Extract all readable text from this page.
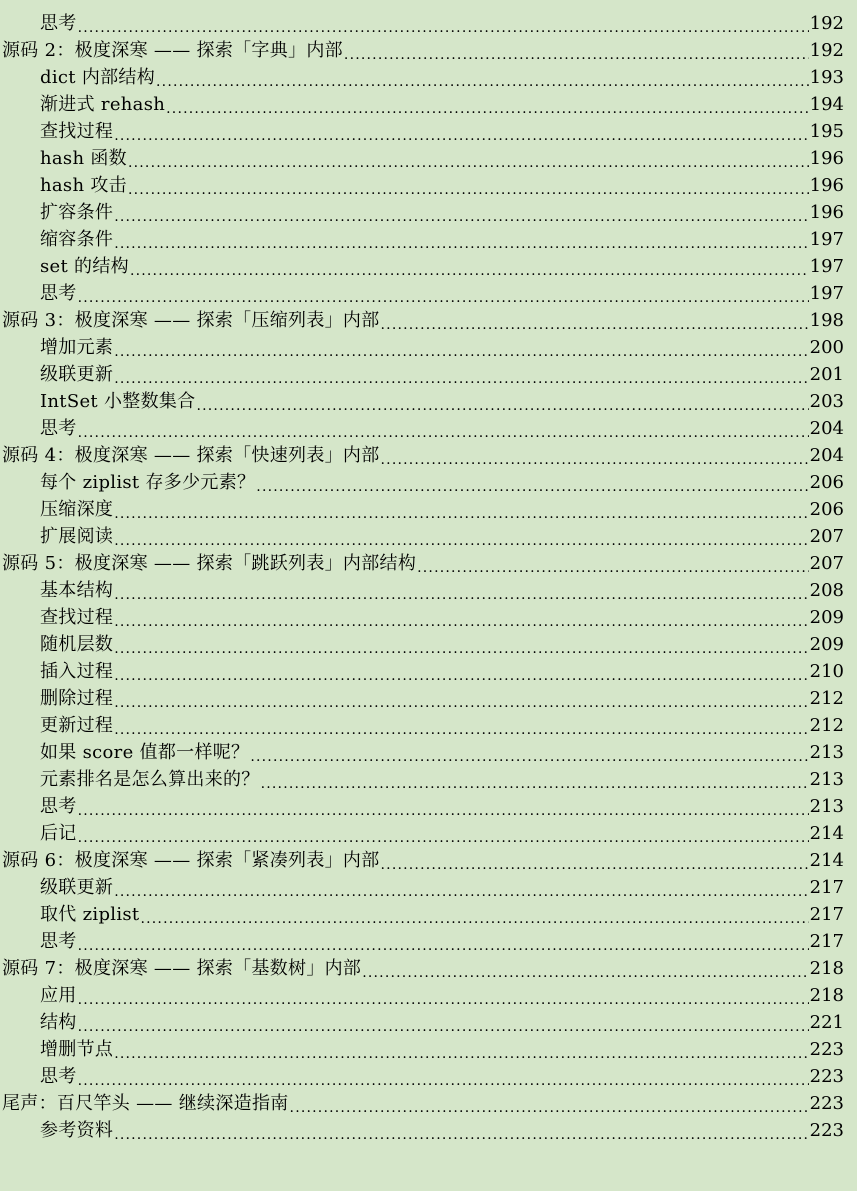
思考 .....	192
源码 2：极度深寒 —— 探索「字典」内部 .....	192
dict 内部结构 .....	193
渐进式 rehash .....	194
查找过程 .....	195
hash 函数 .....	196
hash 攻击 .....	196
扩容条件 .....	196
缩容条件 .....	197
set 的结构 .....	197
思考 .....	197
源码 3：极度深寒 —— 探索「压缩列表」内部 .....	198
增加元素 .....	200
级联更新 .....	201
IntSet 小整数集合 .....	203
思考 .....	204
源码 4：极度深寒 —— 探索「快速列表」内部 .....	204
每个 ziplist 存多少元素？ .....	206
压缩深度 .....	206
扩展阅读 .....	207
源码 5：极度深寒 —— 探索「跳跃列表」内部结构 .....	207
基本结构 .....	208
查找过程 .....	209
随机层数 .....	209
插入过程 .....	210
删除过程 .....	212
更新过程 .....	212
如果 score 值都一样呢？ .....	213
元素排名是怎么算出来的？ .....	213
思考 .....	213
后记 .....	214
源码 6：极度深寒 —— 探索「紧凑列表」内部 .....	214
级联更新 .....	217
取代 ziplist .....	217
思考 .....	217
源码 7：极度深寒 —— 探索「基数树」内部 .....	218
应用 .....	218
结构 .....	221
增删节点 .....	223
思考 .....	223
尾声：百尺竿头 —— 继续深造指南 .....	223
参考资料 .....	223
